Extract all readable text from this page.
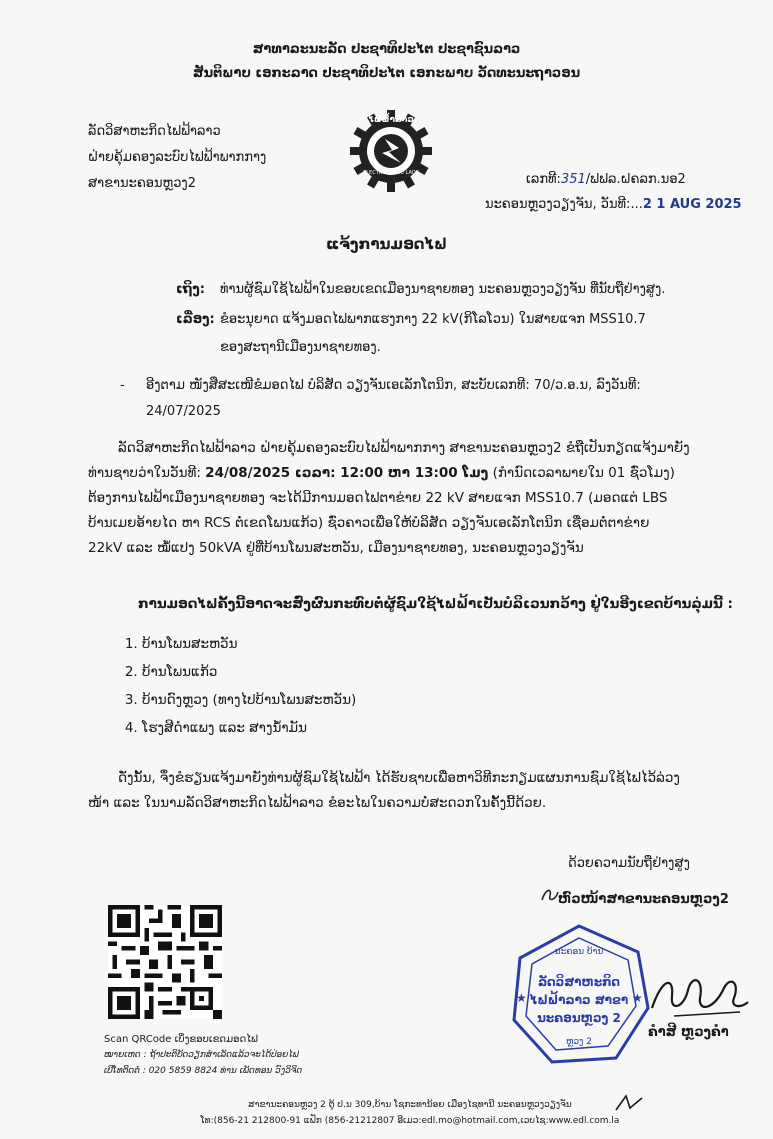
ສາທາລະນະລັດ ປະຊາທິປະໄຕ ປະຊາຊົນລາວ
ສັນຕິພາບ ເອກະລາດ ປະຊາທິປະໄຕ ເອກະພາບ ວັດທະນະຖາວອນ
ລັດວິສາຫະກິດໄຟຟ້າລາວ
ຝ່າຍຄຸ້ມຄອງລະບົບໄຟຟ້າພາກກາງ
ສາຂານະຄອນຫຼວງ2
ໄຟຟ້າລາວ
ELECTRICITE DU LAOS	ເລກທີ:351/ຟຟລ.ຝຄລກ.ນອ2
ນະຄອນຫຼວງວຽງຈັນ, ວັນທີ:...2 1 AUG 2025
ແຈ້ງການມອດໄຟ
ເຖິງ: ທ່ານຜູ້ຊົມໃຊ້ໄຟຟ້າໃນຂອບເຂດເມືອງນາຊາຍທອງ ນະຄອນຫຼວງວຽງຈັນ ທີ່ນັບຖືຢ່າງສູງ.
ເລື່ອງ: ຂໍອະນຸຍາດ ແຈ້ງມອດໄຟພາກແຮງກາງ 22 kV(ກິໂລໂວນ) ໃນສາຍແຈກ MSS10.7
ຂອງສະຖານີເມືອງນາຊາຍທອງ.
- ອີງຕາມ ໜັງສືສະເໜີຂໍມອດໄຟ ບໍລິສັດ ວຽງຈັນເອເລັກໂຕນິກ, ສະບັບເລກທີ: 70/ວ.ອ.ນ, ລົງວັນທີ:
24/07/2025
ລັດວິສາຫະກິດໄຟຟ້າລາວ ຝ່າຍຄຸ້ມຄອງລະບົບໄຟຟ້າພາກກາງ ສາຂານະຄອນຫຼວງ2 ຂໍຖືເປັນກຽດແຈ້ງມາຍັງ
ທ່ານຊາບວ່າໃນວັນທີ: 24/08/2025 ເວລາ: 12:00 ຫາ 13:00 ໂມງ (ກຳນົດເວລາພາຍໃນ 01 ຊົ່ວໂມງ)
ຕ້ອງການໄຟຟ້າເມືອງນາຊາຍທອງ ຈະໄດ້ມີການມອດໄຟຕາຂ່າຍ 22 kV ສາຍແຈກ MSS10.7 (ມອດແຕ່ LBS
ບ້ານເມຍອ້າຍໄດ ຫາ RCS ຕໍ່ເຂດໂພນແກ້ວ) ຊົ່ວຄາວເພື່ອໃຫ້ບໍລິສັດ ວຽງຈັນເອເລັກໂຕນິກ ເຊື່ອມຕໍ່ຕາຂ່າຍ
22kV ແລະ ໝໍ້ແປງ 50kVA ຢູ່ທີ່ບ້ານໂພນສະຫວັນ, ເມືອງນາຊາຍທອງ, ນະຄອນຫຼວງວຽງຈັນ
ການມອດໄຟຄັ້ງນີ້ອາດຈະສົ່ງຜົນກະທົບຕໍ່ຜູ້ຊົມໃຊ້ໄຟຟ້າເປັນບໍລິເວນກວ້າງ ຢູ່ໃນອີງເຂດບ້ານລຸ່ມນີ້ :
1. ບ້ານໂພນສະຫວັນ
2. ບ້ານໂພນແກ້ວ
3. ບ້ານດົງຫຼວງ (ທາງໄປບ້ານໂພນສະຫວັນ)
4. ໂຮງສີດຳແພງ ແລະ ສາງນ້ຳມັນ
ດັ່ງນັ້ນ, ຈຶ່ງຂໍຮຽນແຈ້ງມາຍັງທ່ານຜູ້ຊົມໃຊ້ໄຟຟ້າ ໄດ້ຮັບຊາບເພື່ອຫາວິທີກະກຽມແຜນການຊົມໃຊ້ໄຟໄວ້ລ່ວງ
ໜ້າ ແລະ ໃນນາມລັດວິສາຫະກິດໄຟຟ້າລາວ ຂໍອະໄພໃນຄວາມບໍ່ສະດວກໃນຄັ້ງນີ້ດ້ວຍ.
ດ້ວຍຄວາມນັບຖືຢ່າງສູງ
ຫົວໜ້າສາຂານະຄອນຫຼວງ2
★	★
ລັດວິສາຫະກິດ
ໄຟຟ້າລາວ ສາຂາ
ນະຄອນຫຼວງ 2
ນະຄອນ ບ້ານ
ຫຼວງ 2
ຄຳສີ ຫຼວງຄຳ
Scan QRCode ເບິ່ງຂອບເຂດມອດໄຟ
ໝາຍເຫດ : ຖ້າປະຕິບັດວຽກສຳເລັດແລ້ວຈະໄດ້ປ່ອຍໄຟ
ເບີໂທຕິດຕໍ່ : 020 5859 8824 ທ່ານ ເພັດທອນ ວົງວິຈິດ
ສາຂານະຄອນຫຼວງ 2 ຕູ້ ປ.ນ 309,ບ້ານ ໂຊກະທານ້ອຍ ເມືອງໄຊທານີ ນະຄອນຫຼວງວຽງຈັນ
ໂທ:(856-21 212800-91 ແຟັກ (856-21212807 ອີເມວ:edl.mo@hotmail.com,ເວບໄຊ:www.edl.com.la
